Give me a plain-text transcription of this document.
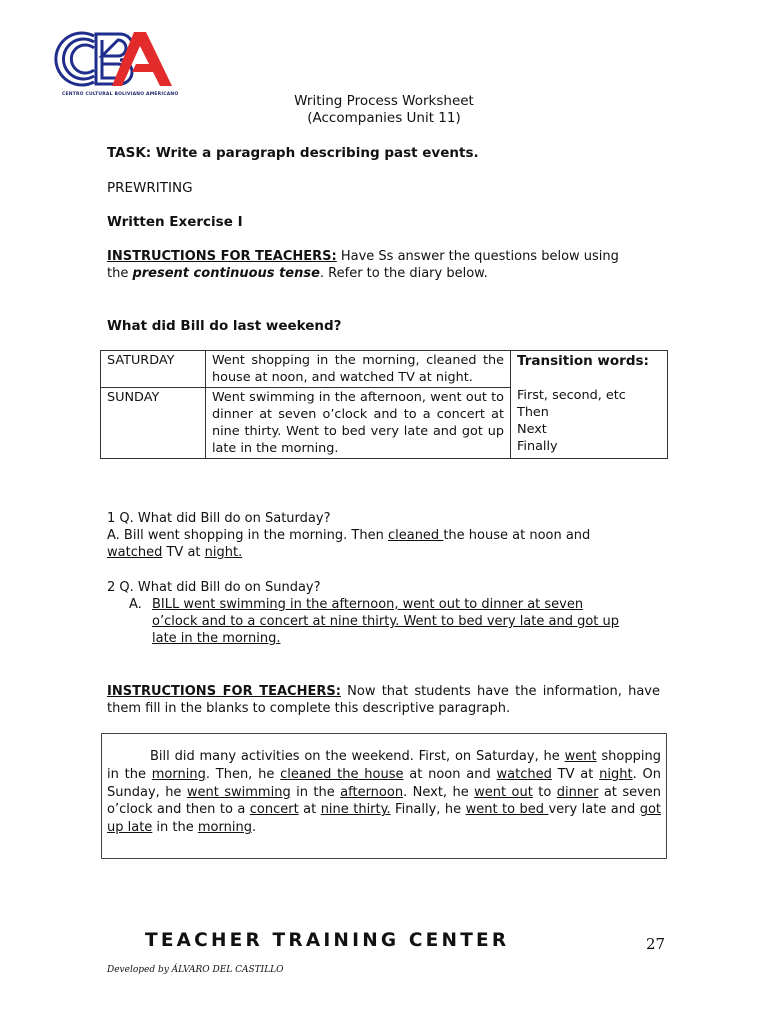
CENTRO CULTURAL BOLIVIANO AMERICANO	Writing Process Worksheet
(Accompanies Unit 11)
TASK: Write a paragraph describing past events.
PREWRITING
Written Exercise I

INSTRUCTIONS FOR TEACHERS: Have Ss answer the questions below using

the present continuous tense. Refer to the diary below.

What did Bill do last weekend?
SATURDAY	Went shopping in the morning, cleaned the house at noon, and watched TV at night.	Transition words:
First, second, etc
Then
Next
Finally

SUNDAY	Went swimming in the afternoon, went out to dinner at seven o’clock and to a concert at nine thirty. Went to bed very late and got up late in the morning.	

1 Q. What did Bill do on Saturday?

A. Bill went shopping in the morning. Then cleaned the house at noon and

watched TV at night.

2 Q. What did Bill do on Sunday?

A. BILL went swimming in the afternoon, went out to dinner at seven

o’clock and to a concert at nine thirty. Went to bed very late and got up

late in the morning.

INSTRUCTIONS FOR TEACHERS: Now that students have the information, have them fill in the blanks to complete this descriptive paragraph.

Bill did many activities on the weekend. First, on Saturday, he went shopping in the morning. Then, he cleaned the house at noon and watched TV at night. On Sunday, he went swimming in the afternoon. Next, he went out to dinner at seven o’clock and then to a concert at nine thirty. Finally, he went to bed very late and got up late in the morning.

TEACHER TRAINING CENTER	27
Developed by ÁLVARO DEL CASTILLO
